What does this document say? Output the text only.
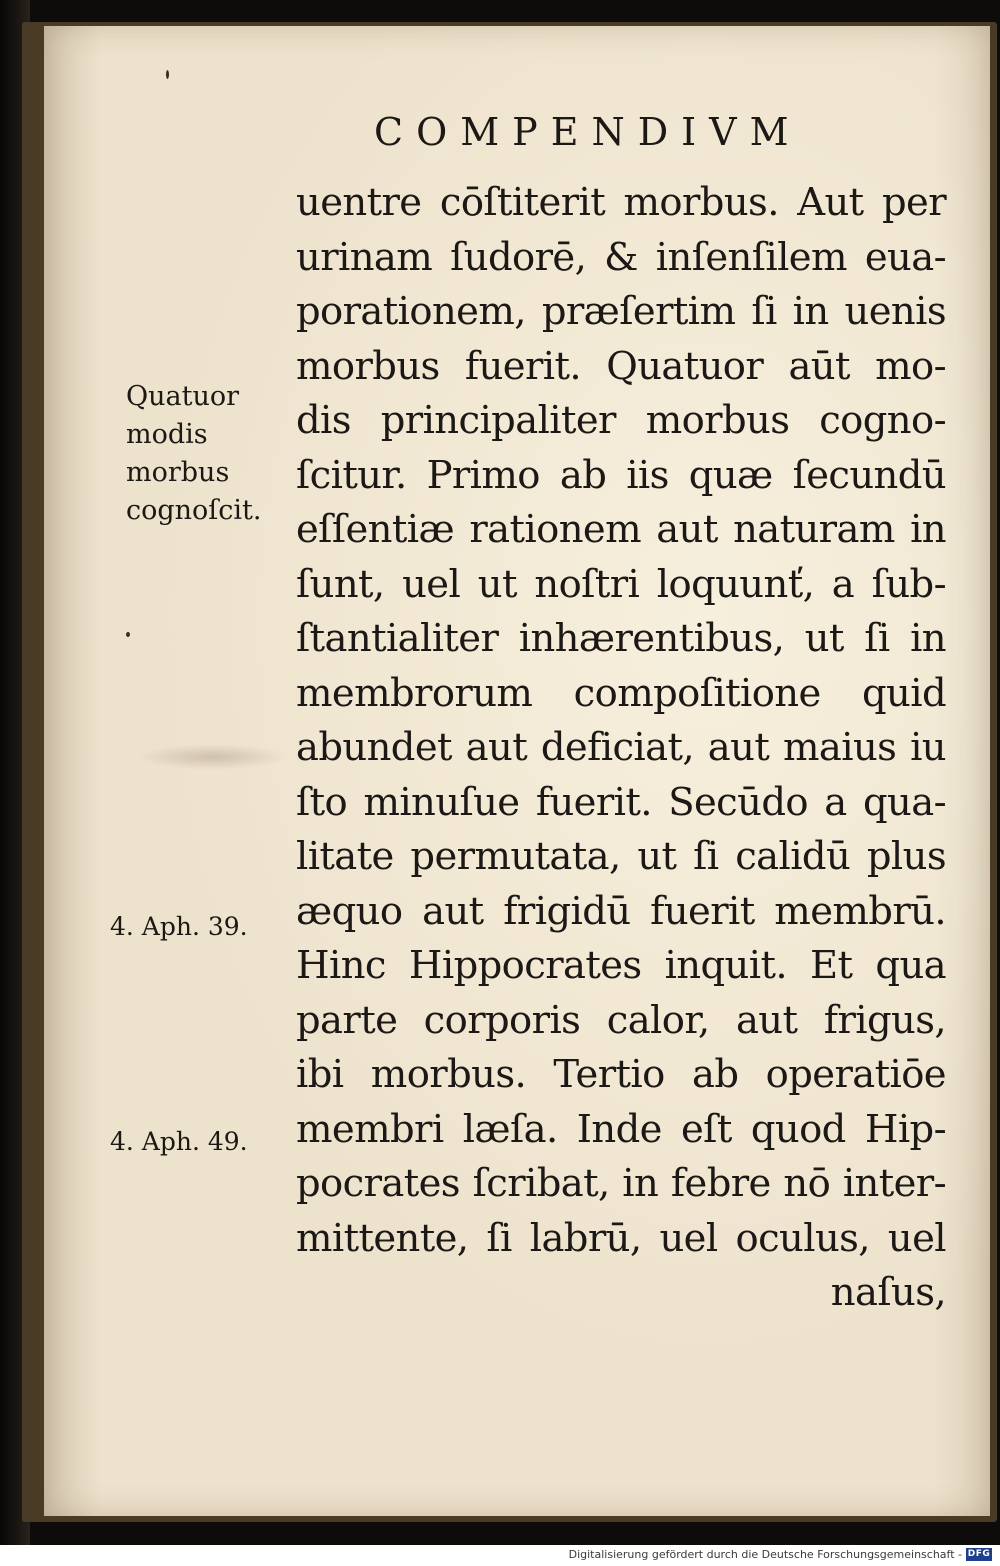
COMPENDIVM
Quatuor
modis
morbus
cognoſcit.
4. Aph. 39.
4. Aph. 49.
uentre cōſtiterit morbus. Aut per
urinam ſudorē, & inſenſilem eua-
porationem, præſertim ſi in uenis
morbus fuerit. Quatuor aūt mo-
dis principaliter morbus cogno-
ſcitur. Primo ab iis quæ ſecundū
eſſentiæ rationem aut naturam in
ſunt, uel ut noſtri loquunť, a ſub-
ſtantialiter inhærentibus, ut ſi in
membrorum compoſitione quid
abundet aut deficiat, aut maius iu
ſto minuſue fuerit. Secūdo a qua-
litate permutata, ut ſi calidū plus
æquo aut frigidū fuerit membrū.
Hinc Hippocrates inquit. Et qua
parte corporis calor, aut frigus,
ibi morbus. Tertio ab operatiōe
membri læſa. Inde eſt quod Hip-
pocrates ſcribat, in febre nō inter-
mittente, ſi labrū, uel oculus, uel
naſus,
Digitalisierung gefördert durch die Deutsche Forschungsgemeinschaft - DFG
